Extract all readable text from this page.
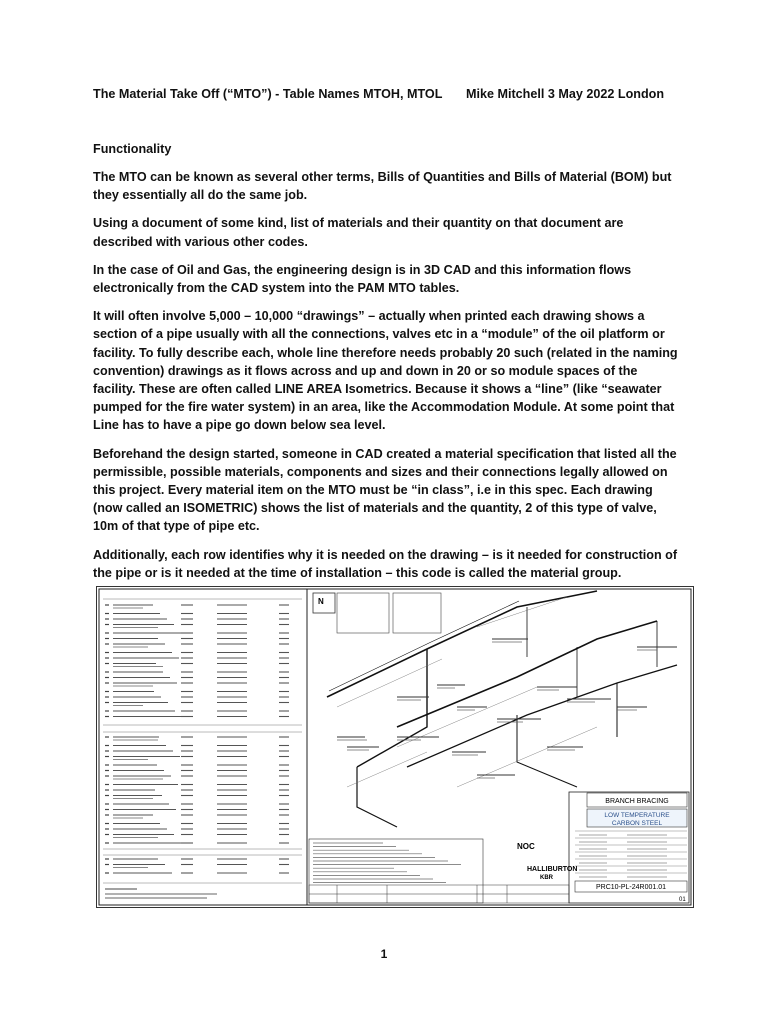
The Material Take Off (“MTO”) - Table Names MTOH, MTOL Mike Mitchell 3 May 2022 London
Functionality

The MTO can be known as several other terms, Bills of Quantities and Bills of Material (BOM) but they essentially all do the same job.

Using a document of some kind, list of materials and their quantity on that document are described with various other codes.

In the case of Oil and Gas, the engineering design is in 3D CAD and this information flows electronically from the CAD system into the PAM MTO tables.

It will often involve 5,000 – 10,000 “drawings” – actually when printed each drawing shows a section of a pipe usually with all the connections, valves etc in a “module” of the oil platform or facility. To fully describe each, whole line therefore needs probably 20 such (related in the naming convention) drawings as it flows across and up and down in 20 or so module spaces of the facility. These are often called LINE AREA Isometrics. Because it shows a “line” (like “seawater pumped for the fire water system) in an area, like the Accommodation Module. At some point that Line has to have a pipe go down below sea level.

Beforehand the design started, someone in CAD created a material specification that listed all the permissible, possible materials, components and sizes and their connections legally allowed on this project. Every material item on the MTO must be “in class”, i.e in this spec. Each drawing (now called an ISOMETRIC) shows the list of materials and the quantity, 2 of this type of valve, 10m of that type of pipe etc.

Additionally, each row identifies why it is needed on the drawing – is it needed for construction of the pipe or is it needed at the time of installation – this code is called the material group.

N
BRANCH BRACING
LOW TEMPERATURE
CARBON STEEL
NOC
HALLIBURTON
KBR
PRC10-PL-24R001.01
01
1
